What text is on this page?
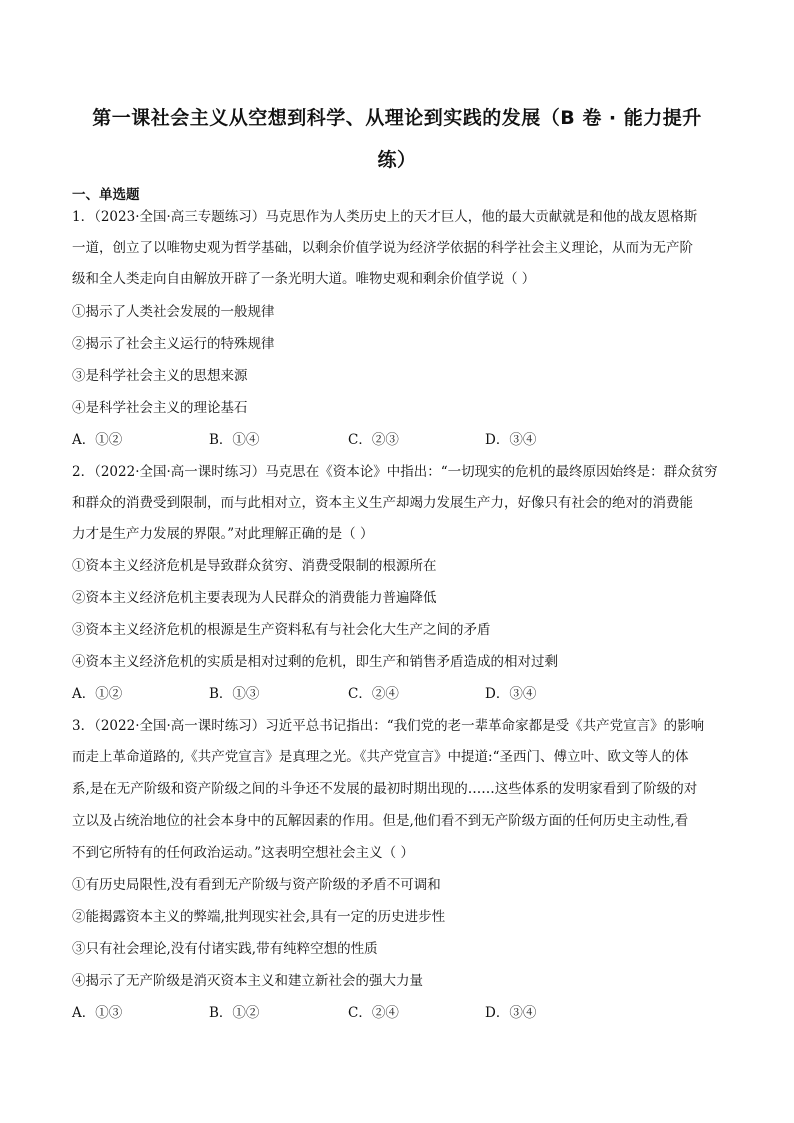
第一课社会主义从空想到科学、从理论到实践的发展（B 卷 · 能力提升
练）
一、单选题
1．（2023·全国·高三专题练习）马克思作为人类历史上的天才巨人，他的最大贡献就是和他的战友恩格斯
一道，创立了以唯物史观为哲学基础，以剩余价值学说为经济学依据的科学社会主义理论，从而为无产阶
级和全人类走向自由解放开辟了一条光明大道。唯物史观和剩余价值学说（ ）
①揭示了人类社会发展的一般规律
②揭示了社会主义运行的特殊规律
③是科学社会主义的思想来源
④是科学社会主义的理论基石
A．①②	B．①④	C．②③	D．③④
2．（2022·全国·高一课时练习）马克思在《资本论》中指出：“一切现实的危机的最终原因始终是：群众贫穷
和群众的消费受到限制，而与此相对立，资本主义生产却竭力发展生产力，好像只有社会的绝对的消费能
力才是生产力发展的界限。”对此理解正确的是（ ）
①资本主义经济危机是导致群众贫穷、消费受限制的根源所在
②资本主义经济危机主要表现为人民群众的消费能力普遍降低
③资本主义经济危机的根源是生产资料私有与社会化大生产之间的矛盾
④资本主义经济危机的实质是相对过剩的危机，即生产和销售矛盾造成的相对过剩
A．①②	B．①③	C．②④	D．③④
3．（2022·全国·高一课时练习）习近平总书记指出：“我们党的老一辈革命家都是受《共产党宣言》的影响
而走上革命道路的,《共产党宣言》是真理之光。《共产党宣言》中提道:“圣西门、傅立叶、欧文等人的体
系,是在无产阶级和资产阶级之间的斗争还不发展的最初时期出现的……这些体系的发明家看到了阶级的对
立以及占统治地位的社会本身中的瓦解因素的作用。但是,他们看不到无产阶级方面的任何历史主动性,看
不到它所特有的任何政治运动。”这表明空想社会主义（ ）
①有历史局限性,没有看到无产阶级与资产阶级的矛盾不可调和
②能揭露资本主义的弊端,批判现实社会,具有一定的历史进步性
③只有社会理论,没有付诸实践,带有纯粹空想的性质
④揭示了无产阶级是消灭资本主义和建立新社会的强大力量
A．①③	B．①②	C．②④	D．③④
